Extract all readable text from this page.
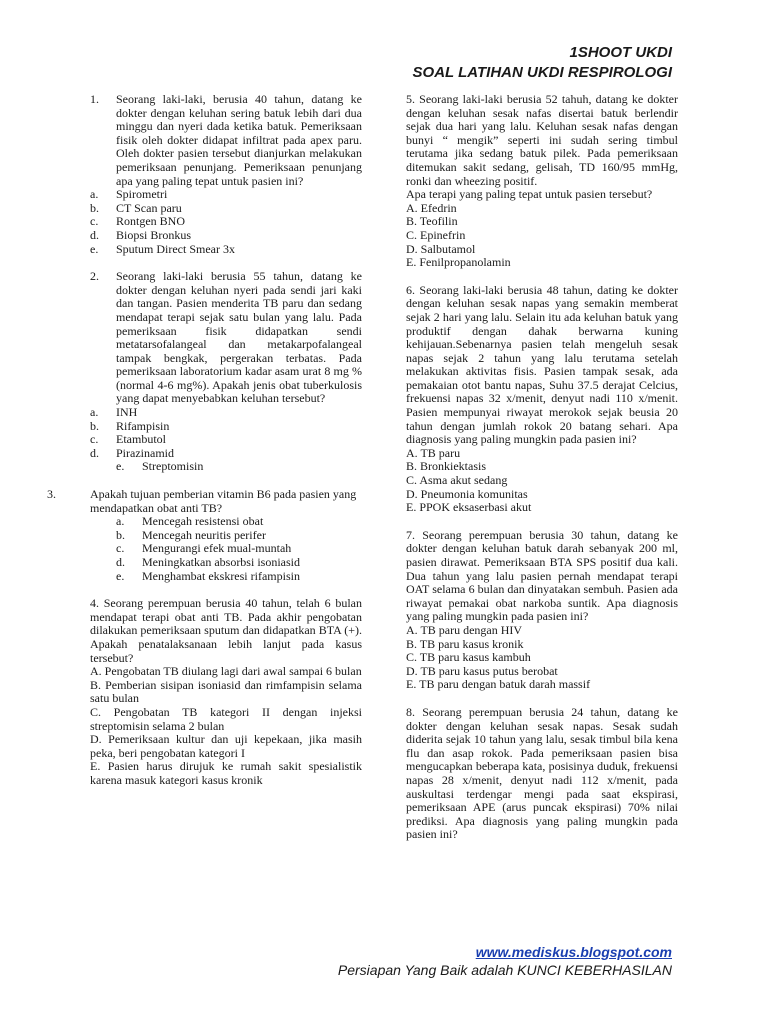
1SHOOT UKDI
SOAL LATIHAN UKDI RESPIROLOGI
1.	Seorang laki-laki, berusia 40 tahun, datang ke dokter dengan keluhan sering batuk lebih dari dua minggu dan nyeri dada ketika batuk. Pemeriksaan fisik oleh dokter didapat infiltrat pada apex paru. Oleh dokter pasien tersebut dianjurkan melakukan pemeriksaan penunjang. Pemeriksaan penunjang apa yang paling tepat untuk pasien ini?
a.	Spirometri
b.	CT Scan paru
c.	Rontgen BNO
d.	Biopsi Bronkus
e.	Sputum Direct Smear 3x
2.	Seorang laki-laki berusia 55 tahun, datang ke dokter dengan keluhan nyeri pada sendi jari kaki dan tangan. Pasien menderita TB paru dan sedang mendapat terapi sejak satu bulan yang lalu. Pada pemeriksaan fisik didapatkan sendi metatarsofalangeal dan metakarpofalangeal tampak bengkak, pergerakan terbatas. Pada pemeriksaan laboratorium kadar asam urat 8 mg % (normal 4-6 mg%). Apakah jenis obat tuberkulosis yang dapat menyebabkan keluhan tersebut?
a.	INH
b.	Rifampisin
c.	Etambutol
d.	Pirazinamid
e.	Streptomisin
3.	Apakah tujuan pemberian vitamin B6 pada pasien yang mendapatkan obat anti TB?
a.	Mencegah resistensi obat
b.	Mencegah neuritis perifer
c.	Mengurangi efek mual-muntah
d.	Meningkatkan absorbsi isoniasid
e.	Menghambat ekskresi rifampisin
4. Seorang perempuan berusia 40 tahun, telah 6 bulan mendapat terapi obat anti TB. Pada akhir pengobatan dilakukan pemeriksaan sputum dan didapatkan BTA (+). Apakah penatalaksanaan lebih lanjut pada kasus tersebut?
A. Pengobatan TB diulang lagi dari awal sampai 6 bulan
B. Pemberian sisipan isoniasid dan rimfampisin selama satu bulan
C. Pengobatan TB kategori II dengan injeksi streptomisin selama 2 bulan
D. Pemeriksaan kultur dan uji kepekaan, jika masih peka, beri pengobatan kategori I
E. Pasien harus dirujuk ke rumah sakit spesialistik karena masuk kategori kasus kronik
5. Seorang laki-laki berusia 52 tahuh, datang ke dokter dengan keluhan sesak nafas disertai batuk berlendir sejak dua hari yang lalu. Keluhan sesak nafas dengan bunyi “ mengik” seperti ini sudah sering timbul terutama jika sedang batuk pilek. Pada pemeriksaan ditemukan sakit sedang, gelisah, TD 160/95 mmHg, ronki dan wheezing positif.
Apa terapi yang paling tepat untuk pasien tersebut?
A. Efedrin
B. Teofilin
C. Epinefrin
D. Salbutamol
E. Fenilpropanolamin
6. Seorang laki-laki berusia 48 tahun, dating ke dokter dengan keluhan sesak napas yang semakin memberat sejak 2 hari yang lalu. Selain itu ada keluhan batuk yang produktif dengan dahak berwarna kuning kehijauan.Sebenarnya pasien telah mengeluh sesak napas sejak 2 tahun yang lalu terutama setelah melakukan aktivitas fisis. Pasien tampak sesak, ada pemakaian otot bantu napas, Suhu 37.5 derajat Celcius, frekuensi napas 32 x/menit, denyut nadi 110 x/menit. Pasien mempunyai riwayat merokok sejak beusia 20 tahun dengan jumlah rokok 20 batang sehari. Apa diagnosis yang paling mungkin pada pasien ini?
A. TB paru
B. Bronkiektasis
C. Asma akut sedang
D. Pneumonia komunitas
E. PPOK eksaserbasi akut
7. Seorang perempuan berusia 30 tahun, datang ke dokter dengan keluhan batuk darah sebanyak 200 ml, pasien dirawat. Pemeriksaan BTA SPS positif dua kali. Dua tahun yang lalu pasien pernah mendapat terapi OAT selama 6 bulan dan dinyatakan sembuh. Pasien ada riwayat pemakai obat narkoba suntik. Apa diagnosis yang paling mungkin pada pasien ini?
A. TB paru dengan HIV
B. TB paru kasus kronik
C. TB paru kasus kambuh
D. TB paru kasus putus berobat
E. TB paru dengan batuk darah massif
8. Seorang perempuan berusia 24 tahun, datang ke dokter dengan keluhan sesak napas. Sesak sudah diderita sejak 10 tahun yang lalu, sesak timbul bila kena flu dan asap rokok. Pada pemeriksaan pasien bisa mengucapkan beberapa kata, posisinya duduk, frekuensi napas 28 x/menit, denyut nadi 112 x/menit, pada auskultasi terdengar mengi pada saat ekspirasi, pemeriksaan APE (arus puncak ekspirasi) 70% nilai prediksi. Apa diagnosis yang paling mungkin pada pasien ini?
www.mediskus.blogspot.com
Persiapan Yang Baik adalah KUNCI KEBERHASILAN
